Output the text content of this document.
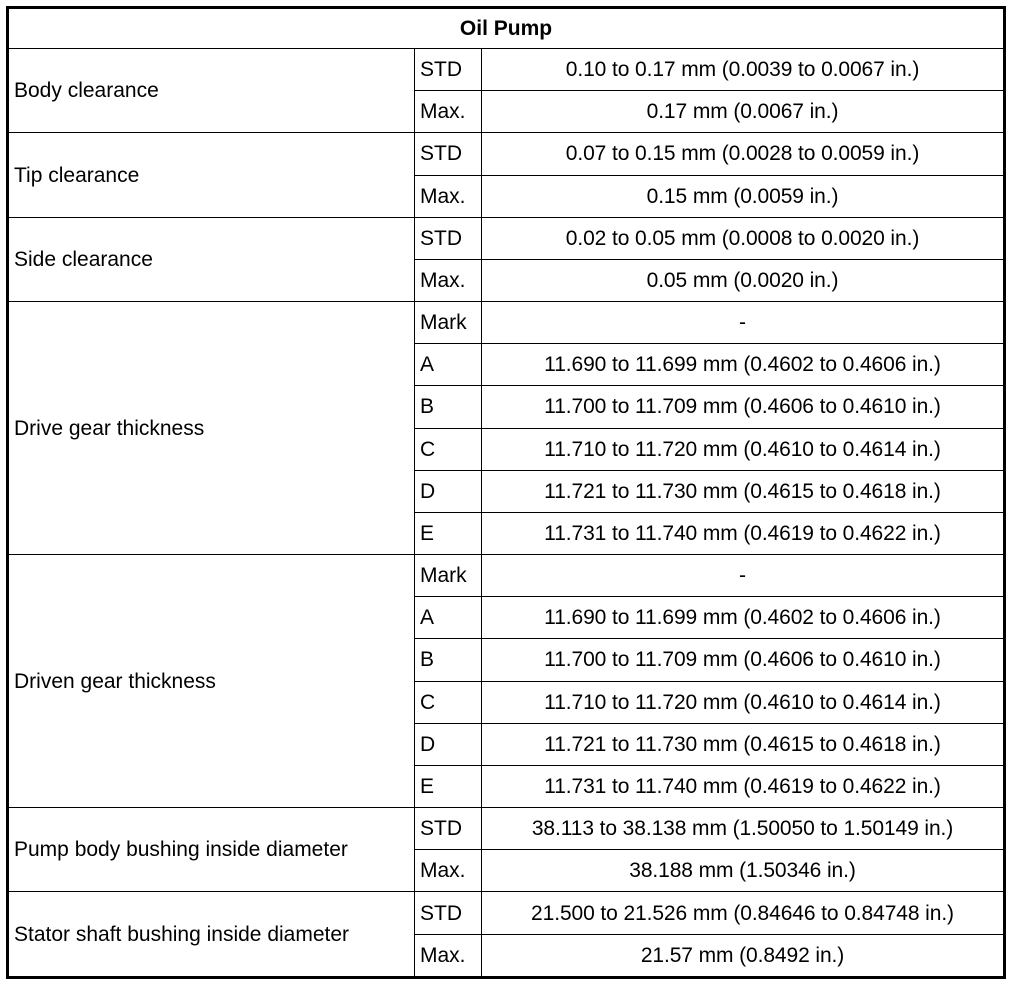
Oil Pump		
Body clearance	STD	0.10 to 0.17 mm (0.0039 to 0.0067 in.)
	Max.	0.17 mm (0.0067 in.)
Tip clearance	STD	0.07 to 0.15 mm (0.0028 to 0.0059 in.)
	Max.	0.15 mm (0.0059 in.)
Side clearance	STD	0.02 to 0.05 mm (0.0008 to 0.0020 in.)
	Max.	0.05 mm (0.0020 in.)
Drive gear thickness	Mark	-
	A	11.690 to 11.699 mm (0.4602 to 0.4606 in.)
	B	11.700 to 11.709 mm (0.4606 to 0.4610 in.)
	C	11.710 to 11.720 mm (0.4610 to 0.4614 in.)
	D	11.721 to 11.730 mm (0.4615 to 0.4618 in.)
	E	11.731 to 11.740 mm (0.4619 to 0.4622 in.)
Driven gear thickness	Mark	-
	A	11.690 to 11.699 mm (0.4602 to 0.4606 in.)
	B	11.700 to 11.709 mm (0.4606 to 0.4610 in.)
	C	11.710 to 11.720 mm (0.4610 to 0.4614 in.)
	D	11.721 to 11.730 mm (0.4615 to 0.4618 in.)
	E	11.731 to 11.740 mm (0.4619 to 0.4622 in.)
Pump body bushing inside diameter	STD	38.113 to 38.138 mm (1.50050 to 1.50149 in.)
	Max.	38.188 mm (1.50346 in.)
Stator shaft bushing inside diameter	STD	21.500 to 21.526 mm (0.84646 to 0.84748 in.)
	Max.	21.57 mm (0.8492 in.)
